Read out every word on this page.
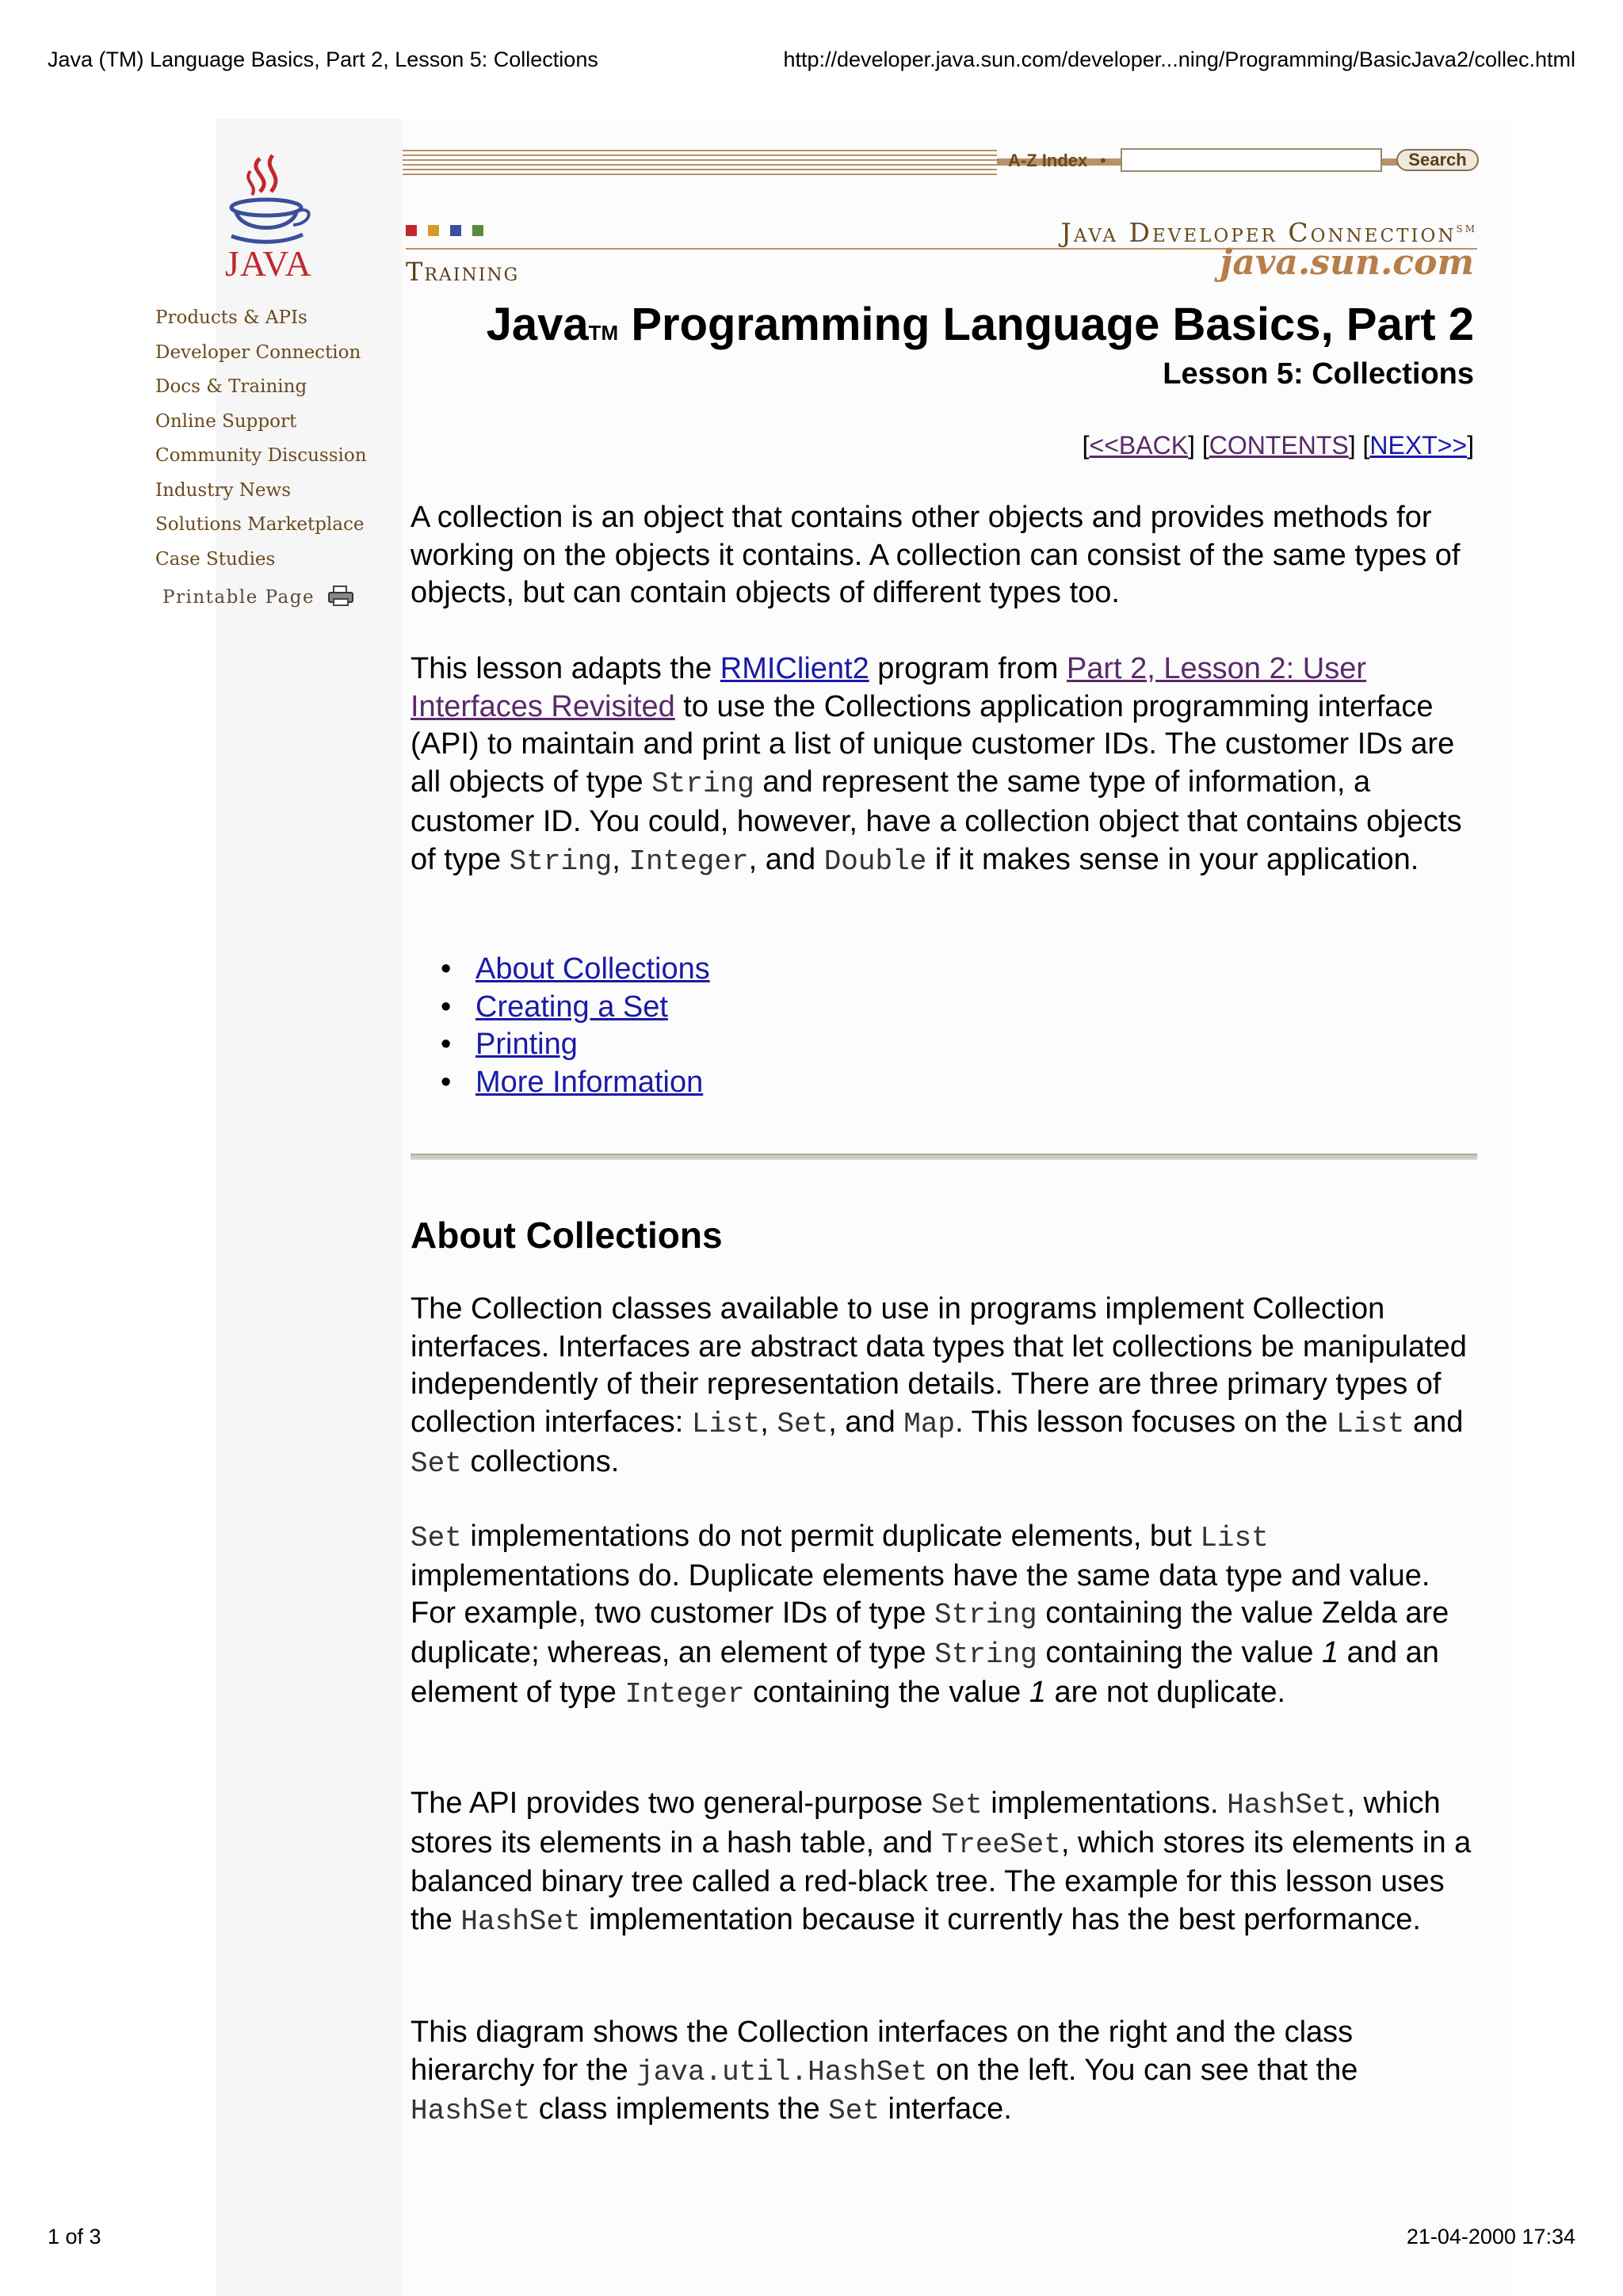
Java (TM) Language Basics, Part 2, Lesson 5: Collections	http://developer.java.sun.com/developer...ning/Programming/BasicJava2/collec.html
JAVA
Products & APIs
Developer Connection
Docs & Training
Online Support
Community Discussion
Industry News
Solutions Marketplace
Case Studies
Printable Page
A-Z Index •	Search
Java Developer Connection℠
Training	java.sun.com
JavaTM Programming Language Basics, Part 2
Lesson 5: Collections
[<<BACK] [CONTENTS] [NEXT>>]

A collection is an object that contains other objects and provides methods for working on the objects it contains. A collection can consist of the same types of objects, but can contain objects of different types too.

This lesson adapts the RMIClient2 program from Part 2, Lesson 2: User Interfaces Revisited to use the Collections application programming interface (API) to maintain and print a list of unique customer IDs. The customer IDs are all objects of type String and represent the same type of information, a customer ID. You could, however, have a collection object that contains objects of type String, Integer, and Double if it makes sense in your application.

• About Collections
• Creating a Set
• Printing
• More Information
About Collections

The Collection classes available to use in programs implement Collection interfaces. Interfaces are abstract data types that let collections be manipulated independently of their representation details. There are three primary types of collection interfaces: List, Set, and Map. This lesson focuses on the List and Set collections.

Set implementations do not permit duplicate elements, but List implementations do. Duplicate elements have the same data type and value. For example, two customer IDs of type String containing the value Zelda are duplicate; whereas, an element of type String containing the value 1 and an element of type Integer containing the value 1 are not duplicate.

The API provides two general-purpose Set implementations. HashSet, which stores its elements in a hash table, and TreeSet, which stores its elements in a balanced binary tree called a red-black tree. The example for this lesson uses the HashSet implementation because it currently has the best performance.

This diagram shows the Collection interfaces on the right and the class hierarchy for the java.util.HashSet on the left. You can see that the HashSet class implements the Set interface.

1 of 3	21-04-2000 17:34
